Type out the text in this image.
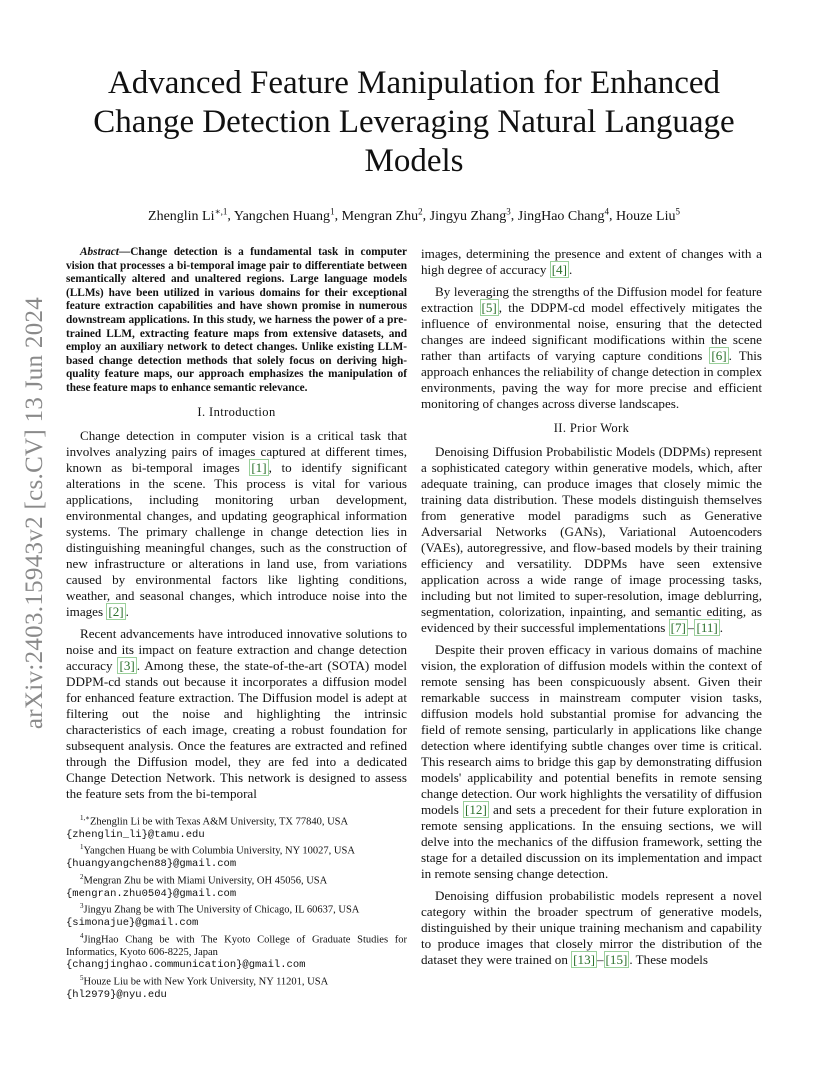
arXiv:2403.15943v2 [cs.CV] 13 Jun 2024
Advanced Feature Manipulation for Enhanced Change Detection Leveraging Natural Language Models
Zhenglin $Li^{∗,1}$, Yangchen Huang$^1$, Mengran Zhu$^2$, Jingyu Zhang$^3$, JingHao Chang$^4$, Houze Liu$^5$

Abstract—Change detection is a fundamental task in computer vision that processes a bi-temporal image pair to differentiate between semantically altered and unaltered regions. Large language models (LLMs) have been utilized in various domains for their exceptional feature extraction capabilities and have shown promise in numerous downstream applications. In this study, we harness the power of a pre-trained LLM, extracting feature maps from extensive datasets, and employ an auxiliary network to detect changes. Unlike existing LLM-based change detection methods that solely focus on deriving high-quality feature maps, our approach emphasizes the manipulation of these feature maps to enhance semantic relevance.

I. Introduction

Change detection in computer vision is a critical task that involves analyzing pairs of images captured at different times, known as bi-temporal images [1] , to identify significant alterations in the scene. This process is vital for various applications, including monitoring urban development, environmental changes, and updating geographical information systems. The primary challenge in change detection lies in distinguishing meaningful changes, such as the construction of new infrastructure or alterations in land use, from variations caused by environmental factors like lighting conditions, weather, and seasonal changes, which introduce noise into the images [2] .

Recent advancements have introduced innovative solutions to noise and its impact on feature extraction and change detection accuracy [3] . Among these, the state-of-the-art (SOTA) model DDPM-cd stands out because it incorporates a diffusion model for enhanced feature extraction. The Diffusion model is adept at filtering out the noise and highlighting the intrinsic characteristics of each image, creating a robust foundation for subsequent analysis. Once the features are extracted and refined through the Diffusion model, they are fed into a dedicated Change Detection Network. This network is designed to assess the feature sets from the bi-temporal

$^{1,∗}$Zhenglin Li be with Texas A&M University, TX 77840, USA
{zhenglin_li}@tamu.edu

$^1$Yangchen Huang be with Columbia University, NY 10027, USA
{huangyangchen88}@gmail.com

$^2$Mengran Zhu be with Miami University, OH 45056, USA
{mengran.zhu0504}@gmail.com

$^3$Jingyu Zhang be with The University of Chicago, IL 60637, USA
{simonajue}@gmail.com

$^4$JingHao Chang be with The Kyoto College of Graduate Studies for Informatics, Kyoto 606-8225, Japan
{changjinghao.communication}@gmail.com

$^5$Houze Liu be with New York University, NY 11201, USA
{hl2979}@nyu.edu

images, determining the presence and extent of changes with a high degree of accuracy [4] .

By leveraging the strengths of the Diffusion model for feature extraction [5] , the DDPM-cd model effectively mitigates the influence of environmental noise, ensuring that the detected changes are indeed significant modifications within the scene rather than artifacts of varying capture conditions [6] . This approach enhances the reliability of change detection in complex environments, paving the way for more precise and efficient monitoring of changes across diverse landscapes.

II. Prior Work

Denoising Diffusion Probabilistic Models (DDPMs) represent a sophisticated category within generative models, which, after adequate training, can produce images that closely mimic the training data distribution. These models distinguish themselves from generative model paradigms such as Generative Adversarial Networks (GANs), Variational Autoencoders (VAEs), autoregressive, and flow-based models by their training efficiency and versatility. DDPMs have seen extensive application across a wide range of image processing tasks, including but not limited to super-resolution, image deblurring, segmentation, colorization, inpainting, and semantic editing, as evidenced by their successful implementations [7] – [11] .

Despite their proven efficacy in various domains of machine vision, the exploration of diffusion models within the context of remote sensing has been conspicuously absent. Given their remarkable success in mainstream computer vision tasks, diffusion models hold substantial promise for advancing the field of remote sensing, particularly in applications like change detection where identifying subtle changes over time is critical. This research aims to bridge this gap by demonstrating diffusion models' applicability and potential benefits in remote sensing change detection. Our work highlights the versatility of diffusion models [12] and sets a precedent for their future exploration in remote sensing applications. In the ensuing sections, we will delve into the mechanics of the diffusion framework, setting the stage for a detailed discussion on its implementation and impact in remote sensing change detection.

Denoising diffusion probabilistic models represent a novel category within the broader spectrum of generative models, distinguished by their unique training mechanism and capability to produce images that closely mirror the distribution of the dataset they were trained on [13] – [15] . These models
